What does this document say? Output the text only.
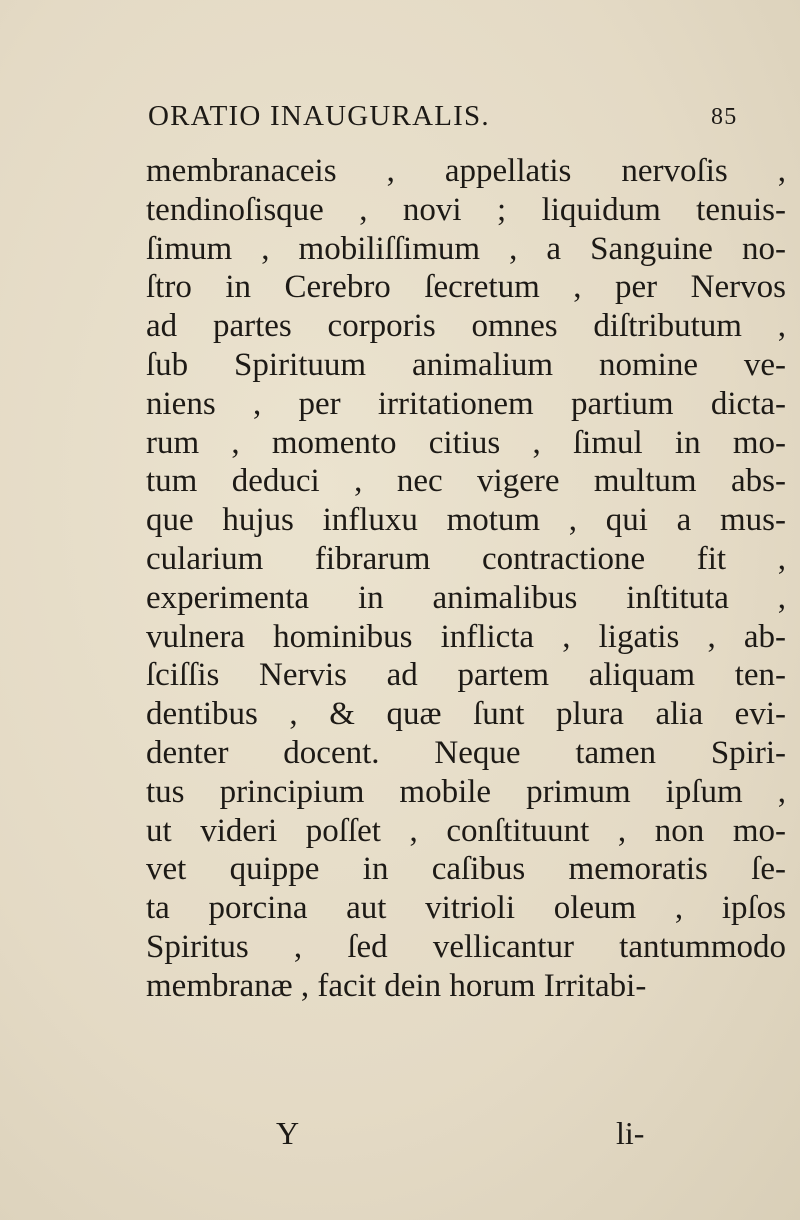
ORATIO INAUGURALIS.	85
membranaceis , appellatis nervoſis ,
tendinoſisque , novi ; liquidum tenuis-
ſimum , mobiliſſimum , a Sanguine no-
ſtro in Cerebro ſecretum , per Nervos
ad partes corporis omnes diſtributum ,
ſub Spirituum animalium nomine ve-
niens , per irritationem partium dicta-
rum , momento citius , ſimul in mo-
tum deduci , nec vigere multum abs-
que hujus influxu motum , qui a mus-
cularium fibrarum contractione fit ,
experimenta in animalibus inſtituta ,
vulnera hominibus inflicta , ligatis , ab-
ſciſſis Nervis ad partem aliquam ten-
dentibus , & quæ ſunt plura alia evi-
denter docent. Neque tamen Spiri-
tus principium mobile primum ipſum ,
ut videri poſſet , conſtituunt , non mo-
vet quippe in caſibus memoratis ſe-
ta porcina aut vitrioli oleum , ipſos
Spiritus , ſed vellicantur tantummodo
membranæ , facit dein horum Irritabi-
Y	li-
